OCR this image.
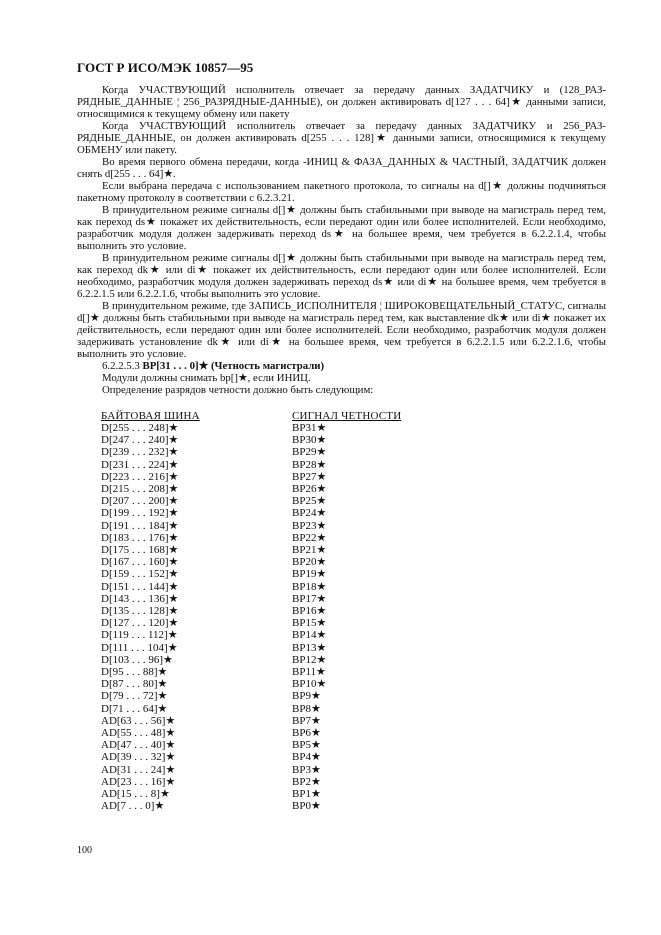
ГОСТ Р ИСО/МЭК 10857—95

Когда УЧАСТВУЮЩИЙ исполнитель отвечает за передачу данных ЗАДАТЧИКУ и (128_РАЗРЯДНЫЕ_ДАННЫЕ ¦ 256_РАЗРЯДНЫЕ-ДАННЫЕ), он должен активировать d[127 . . . 64]★ данными записи, относящимися к текущему обмену или пакету

Когда УЧАСТВУЮЩИЙ исполнитель отвечает за передачу данных ЗАДАТЧИКУ и 256_РАЗРЯДНЫЕ_ДАННЫЕ, он должен активировать d[255 . . . 128]★ данными записи, относящимися к текущему ОБМЕНУ или пакету.

Во время первого обмена передачи, когда -ИНИЦ & ФАЗА_ДАННЫХ & ЧАСТНЫЙ, ЗАДАТЧИК должен снять d[255 . . . 64]★.

Если выбрана передача с использованием пакетного протокола, то сигналы на d[]★ должны подчиняться пакетному протоколу в соответствии с 6.2.3.21.

В принудительном режиме сигналы d[]★ должны быть стабильными при выводе на магистраль перед тем, как переход ds★ покажет их действительность, если передают один или более исполнителей. Если необходимо, разработчик модуля должен задерживать переход ds★ на большее время, чем требуется в 6.2.2.1.4, чтобы выполнить это условие.

В принудительном режиме сигналы d[]★ должны быть стабильными при выводе на магистраль перед тем, как переход dk★ или di★ покажет их действительность, если передают один или более исполнителей. Если необходимо, разработчик модуля должен задерживать переход ds★ или di★ на большее время, чем требуется в 6.2.2.1.5 или 6.2.2.1.6, чтобы выполнить это условие.

В принудительном режиме, где ЗАПИСЬ_ИСПОЛНИТЕЛЯ ¦ ШИРОКОВЕЩАТЕЛЬНЫЙ_СТАТУС, сигналы d[]★ должны быть стабильными при выводе на магистраль перед тем, как выставление dk★ или di★ покажет их действительность, если передают один или более исполнителей. Если необходимо, разработчик модуля должен задерживать установление dk★ или di★ на большее время, чем требуется в 6.2.2.1.5 или 6.2.2.1.6, чтобы выполнить это условие.

6.2.2.5.3 BP[31 . . . 0]★ (Четность магистрали)

Модули должны снимать bp[]★, если ИНИЦ.

Определение разрядов четности должно быть следующим:

БАЙТОВАЯ ШИНА	СИГНАЛ ЧЕТНОСТИ
D[255 . . . 248]★	BP31★
D[247 . . . 240]★	BP30★
D[239 . . . 232]★	BP29★
D[231 . . . 224]★	BP28★
D[223 . . . 216]★	BP27★
D[215 . . . 208]★	BP26★
D[207 . . . 200]★	BP25★
D[199 . . . 192]★	BP24★
D[191 . . . 184]★	BP23★
D[183 . . . 176]★	BP22★
D[175 . . . 168]★	BP21★
D[167 . . . 160]★	BP20★
D[159 . . . 152]★	BP19★
D[151 . . . 144]★	BP18★
D[143 . . . 136]★	BP17★
D[135 . . . 128]★	BP16★
D[127 . . . 120]★	BP15★
D[119 . . . 112]★	BP14★
D[111 . . . 104]★	BP13★
D[103 . . . 96]★	BP12★
D[95 . . . 88]★	BP11★
D[87 . . . 80]★	BP10★
D[79 . . . 72]★	BP9★
D[71 . . . 64]★	BP8★
AD[63 . . . 56]★	BP7★
AD[55 . . . 48]★	BP6★
AD[47 . . . 40]★	BP5★
AD[39 . . . 32]★	BP4★
AD[31 . . . 24]★	BP3★
AD[23 . . . 16]★	BP2★
AD[15 . . . 8]★	BP1★
AD[7 . . . 0]★	BP0★
100
